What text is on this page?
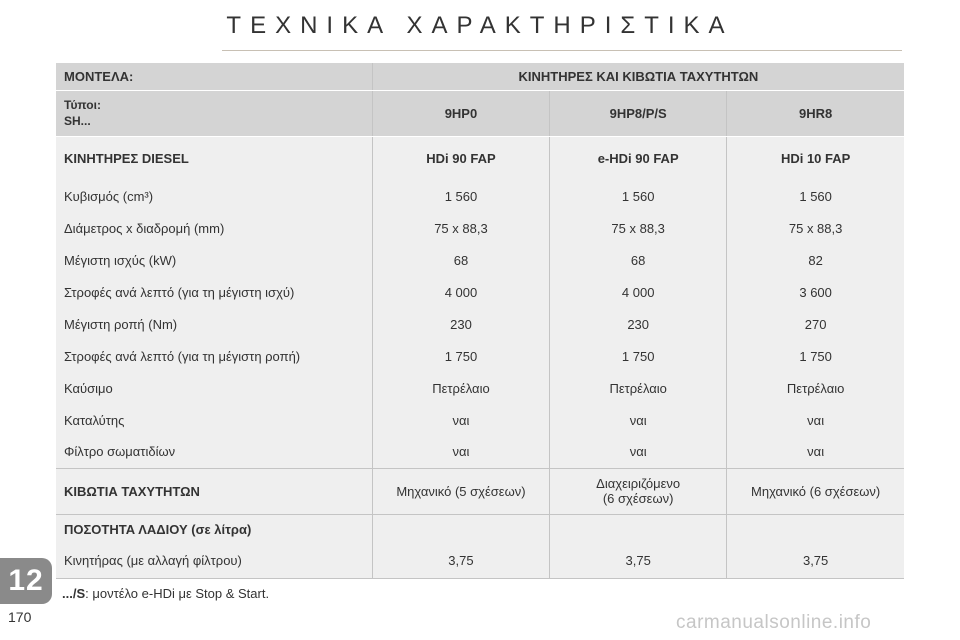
ΤΕΧΝΙΚΑ ΧΑΡΑΚΤΗΡΙΣΤΙΚΑ
ΜΟΝΤΕΛΑ:	ΚΙΝΗΤΗΡΕΣ ΚΑΙ ΚΙΒΩΤΙΑ ΤΑΧΥΤΗΤΩΝ		

Τύποι:
SH...	9HP0	9HP8/P/S	9HR8
ΚΙΝΗΤΗΡΕΣ DIESEL	HDi 90 FAP	e-HDi 90 FAP	HDi 10 FAP
Κυβισμός (cm³)	1 560	1 560	1 560
Διάμετρος x διαδρομή (mm)	75 x 88,3	75 x 88,3	75 x 88,3
Μέγιστη ισχύς (kW)	68	68	82
Στροφές ανά λεπτό (για τη μέγιστη ισχύ)	4 000	4 000	3 600
Μέγιστη ροπή (Nm)	230	230	270
Στροφές ανά λεπτό (για τη μέγιστη ροπή)	1 750	1 750	1 750
Καύσιμο	Πετρέλαιο	Πετρέλαιο	Πετρέλαιο
Καταλύτης	ναι	ναι	ναι
Φίλτρο σωματιδίων	ναι	ναι	ναι
ΚΙΒΩΤΙΑ ΤΑΧΥΤΗΤΩΝ	Μηχανικό (5 σχέσεων)	Διαχειριζόμενο
(6 σχέσεων)	Μηχανικό (6 σχέσεων)
ΠΟΣΟΤΗΤΑ ΛΑΔΙΟΥ (σε λίτρα)			
Κινητήρας (με αλλαγή φίλτρου)	3,75	3,75	3,75
.../S: μοντέλο e-HDi με Stop & Start.
12
170	carmanualsonline.info
